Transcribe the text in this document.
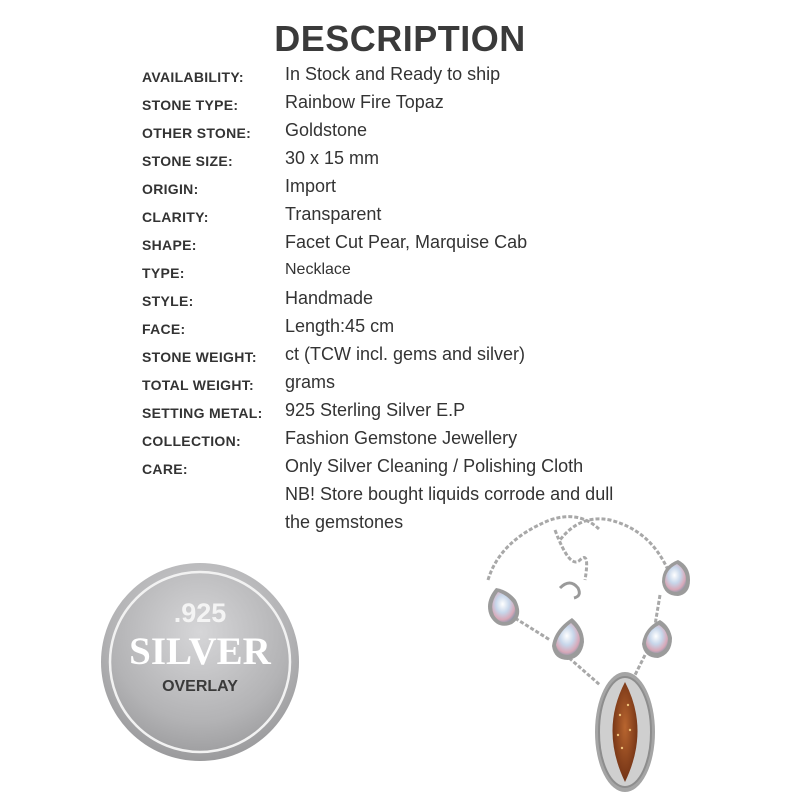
DESCRIPTION
AVAILABILITY: In Stock and Ready to ship
STONE TYPE:	Rainbow Fire Topaz
OTHER STONE: Goldstone
STONE SIZE:	30 x 15 mm
ORIGIN:	Import
CLARITY:	Transparent
SHAPE:	Facet Cut Pear, Marquise Cab
TYPE:	Necklace
STYLE:	Handmade
FACE:	Length:45 cm
STONE WEIGHT: ct (TCW incl. gems and silver)
TOTAL WEIGHT: grams
SETTING METAL: 925 Sterling Silver E.P
COLLECTION: Fashion Gemstone Jewellery
CARE:	Only Silver Cleaning / Polishing Cloth
NB! Store bought liquids corrode and dull
the gemstones
.925
SILVER
OVERLAY
